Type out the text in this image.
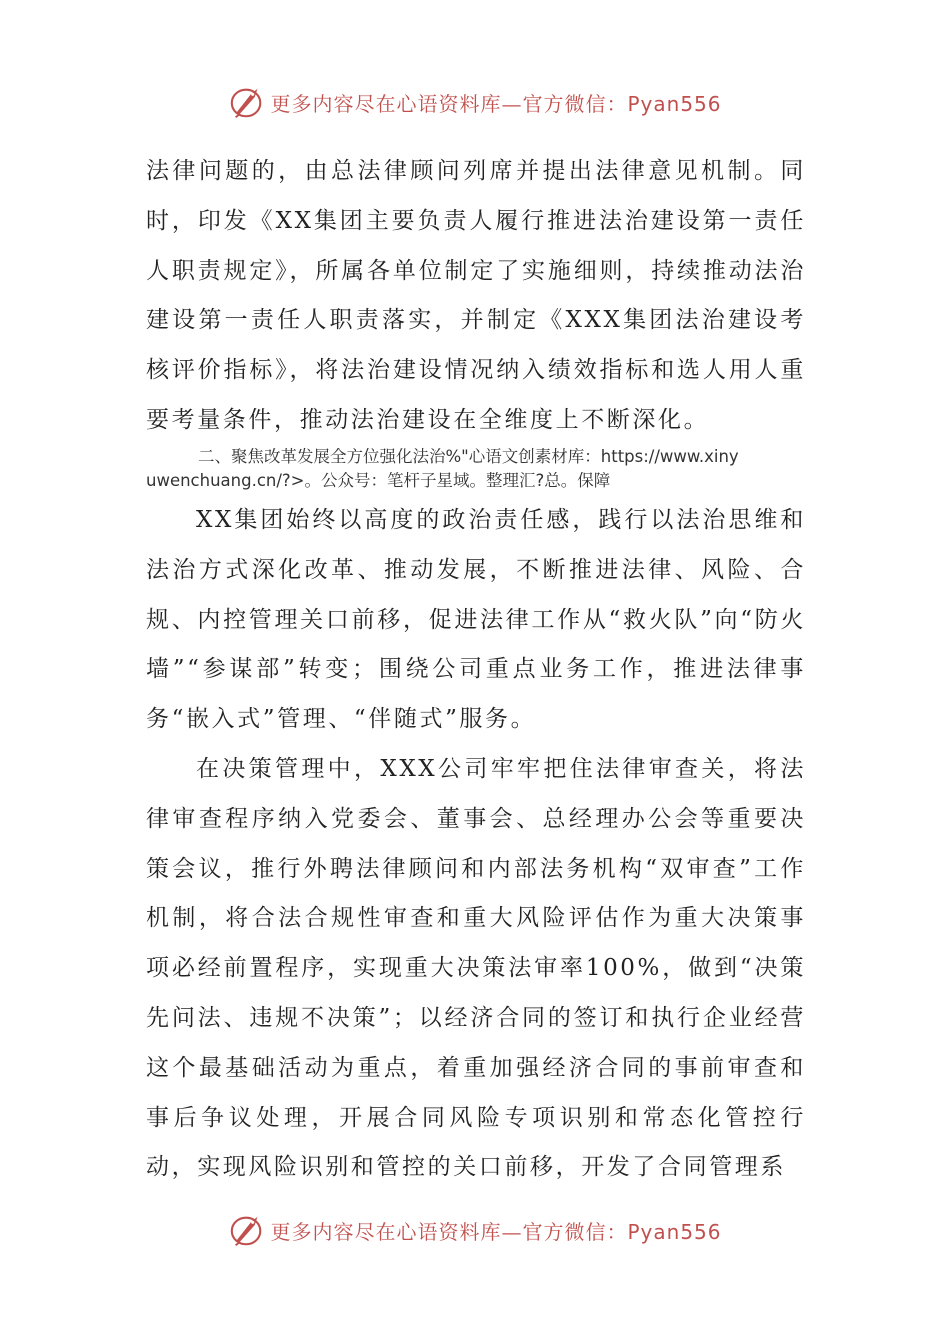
更多内容尽在心语资料库—官方微信：Pyan556

法律问题的，由总法律顾问列席并提出法律意见机制。同时，印发《XX集团主要负责人履行推进法治建设第一责任人职责规定》，所属各单位制定了实施细则，持续推动法治建设第一责任人职责落实，并制定《XXX集团法治建设考核评价指标》，将法治建设情况纳入绩效指标和选人用人重要考量条件，推动法治建设在全维度上不断深化。

二、聚焦改革发展全方位强化法治%"心语文创素材库：https://www.xinyuwenchuang.cn/?>。公众号：笔杆子星域。整理汇?总。保障

XX集团始终以高度的政治责任感，践行以法治思维和法治方式深化改革、推动发展，不断推进法律、风险、合规、内控管理关口前移，促进法律工作从“救火队”向“防火墙”“参谋部”转变；围绕公司重点业务工作，推进法律事务“嵌入式”管理、“伴随式”服务。

在决策管理中，XXX公司牢牢把住法律审查关，将法律审查程序纳入党委会、董事会、总经理办公会等重要决策会议，推行外聘法律顾问和内部法务机构“双审查”工作机制，将合法合规性审查和重大风险评估作为重大决策事项必经前置程序，实现重大决策法审率100%，做到“决策先问法、违规不决策”；以经济合同的签订和执行企业经营这个最基础活动为重点，着重加强经济合同的事前审查和事后争议处理，开展合同风险专项识别和常态化管控行动，实现风险识别和管控的关口前移，开发了合同管理系

更多内容尽在心语资料库—官方微信：Pyan556
